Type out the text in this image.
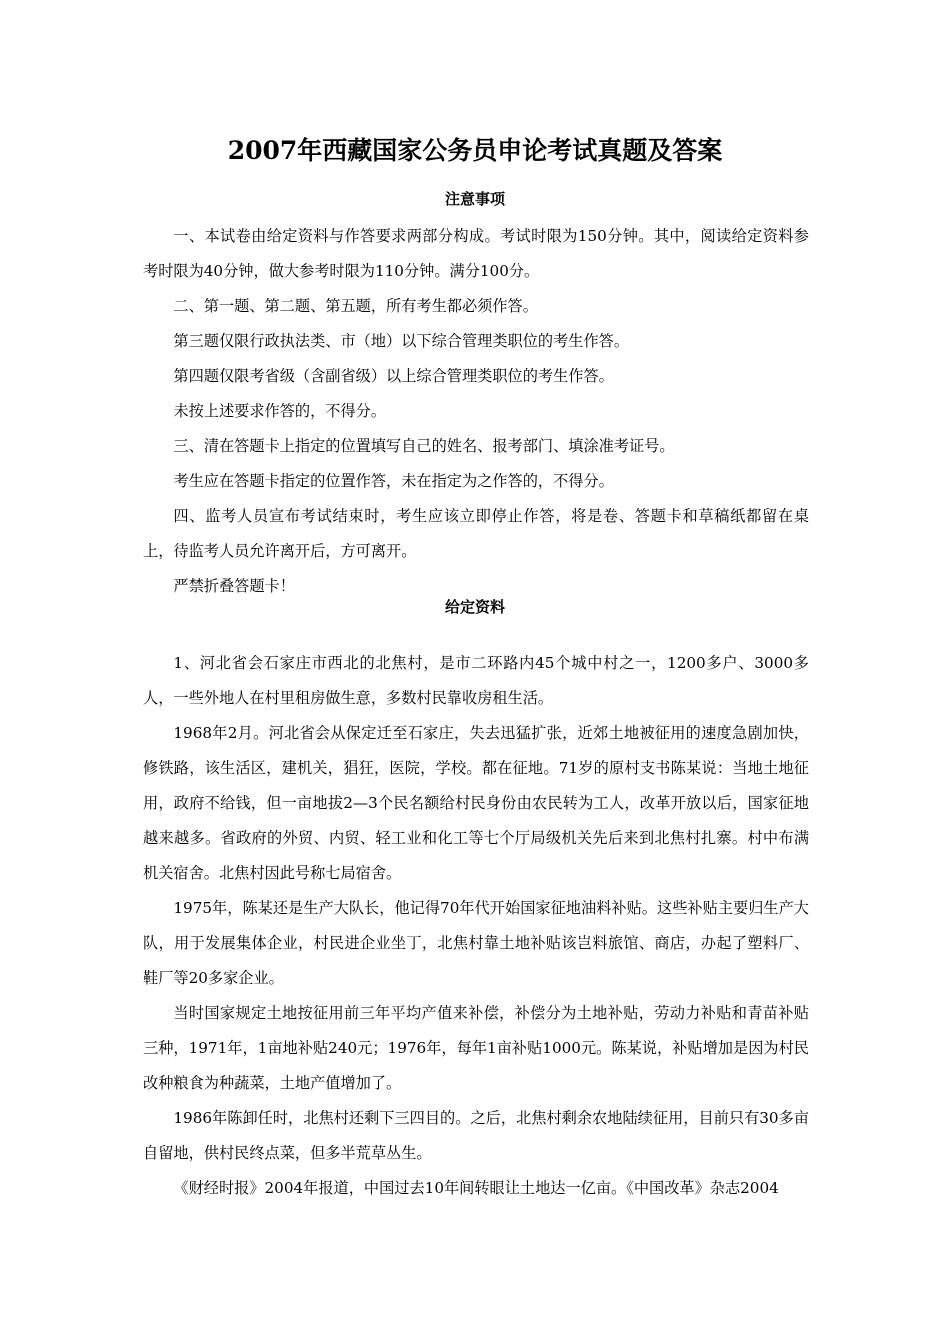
2007年西藏国家公务员申论考试真题及答案
注意事项

一、本试卷由给定资料与作答要求两部分构成。考试时限为150分钟。其中，阅读给定资料参考时限为40分钟，做大参考时限为110分钟。满分100分。

二、第一题、第二题、第五题，所有考生都必须作答。

第三题仅限行政执法类、市（地）以下综合管理类职位的考生作答。

第四题仅限考省级（含副省级）以上综合管理类职位的考生作答。

未按上述要求作答的，不得分。

三、清在答题卡上指定的位置填写自己的姓名、报考部门、填涂准考证号。

考生应在答题卡指定的位置作答，未在指定为之作答的，不得分。

四、监考人员宣布考试结束时，考生应该立即停止作答，将是卷、答题卡和草稿纸都留在桌上，待监考人员允许离开后，方可离开。

严禁折叠答题卡！

1、河北省会石家庄市西北的北焦村，是市二环路内45个城中村之一，1200多户、3000多人，一些外地人在村里租房做生意，多数村民靠收房租生活。

1968年2月。河北省会从保定迁至石家庄，失去迅猛扩张，近郊土地被征用的速度急剧加快，修铁路，该生活区，建机关，猖狂，医院，学校。都在征地。71岁的原村支书陈某说：当地土地征用，政府不给钱，但一亩地拔2—3个民名额给村民身份由农民转为工人，改革开放以后，国家征地越来越多。省政府的外贸、内贸、轻工业和化工等七个厅局级机关先后来到北焦村扎寨。村中布满机关宿舍。北焦村因此号称七局宿舍。

1975年，陈某还是生产大队长，他记得70年代开始国家征地油料补贴。这些补贴主要归生产大队，用于发展集体企业，村民进企业坐丁，北焦村靠土地补贴该岂料旅馆、商店，办起了塑料厂、鞋厂等20多家企业。

当时国家规定土地按征用前三年平均产值来补偿，补偿分为土地补贴，劳动力补贴和青苗补贴三种，1971年，1亩地补贴240元；1976年，每年1亩补贴1000元。陈某说，补贴增加是因为村民改种粮食为种蔬菜，土地产值增加了。

1986年陈卸任时，北焦村还剩下三四目的。之后，北焦村剩余农地陆续征用，目前只有30多亩自留地，供村民终点菜，但多半荒草丛生。

《财经时报》2004年报道，中国过去10年间转眼让土地达一亿亩。《中国改革》杂志2004

给定资料
